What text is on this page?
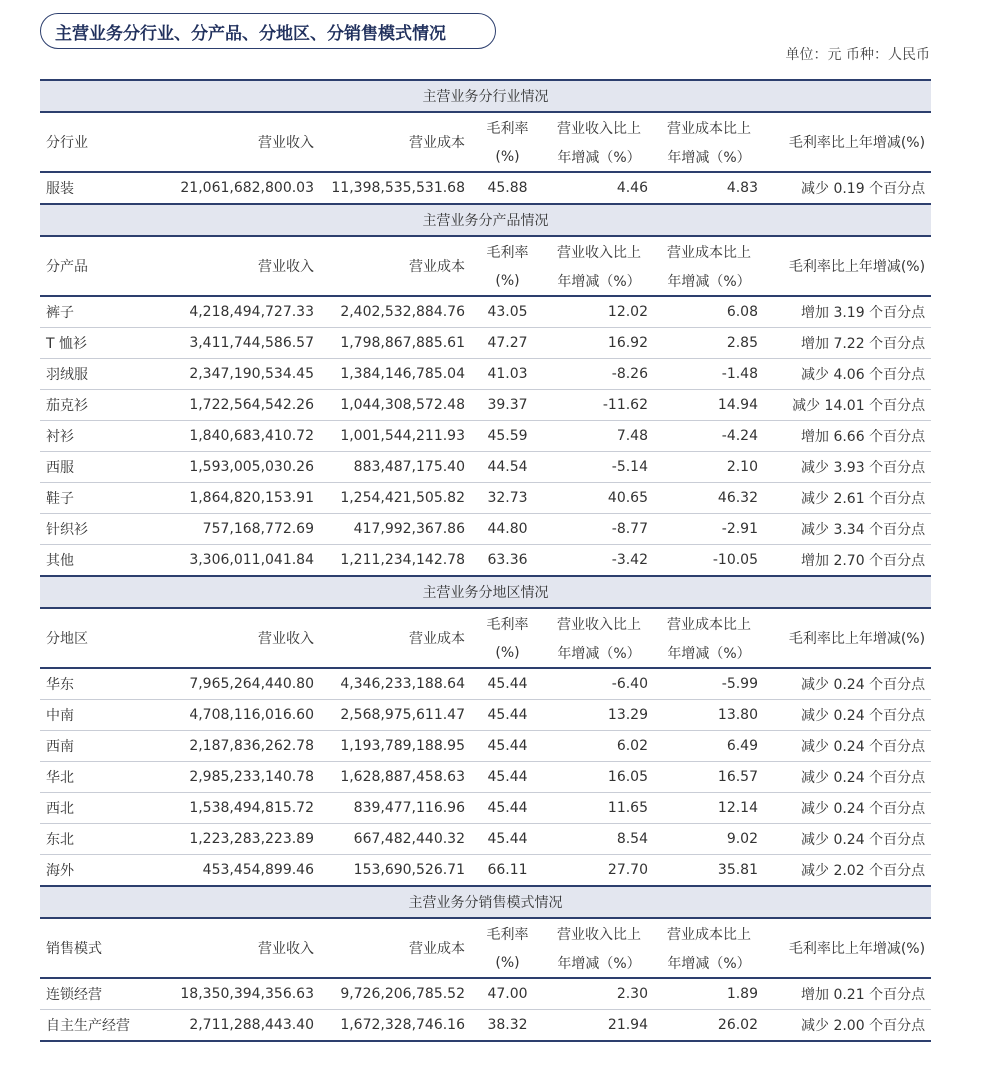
主营业务分行业、分产品、分地区、分销售模式情况
单位：元 币种：人民币
主营业务分行业情况						
分行业	营业收入	营业成本	毛利率	营业收入比上	营业成本比上	毛利率比上年增减(%)
			(%)	年增减（%）	年增减（%）	
服装	21,061,682,800.03	11,398,535,531.68	45.88	4.46	4.83	减少 0.19 个百分点
主营业务分产品情况						
分产品	营业收入	营业成本	毛利率	营业收入比上	营业成本比上	毛利率比上年增减(%)
			(%)	年增减（%）	年增减（%）	
裤子	4,218,494,727.33	2,402,532,884.76	43.05	12.02	6.08	增加 3.19 个百分点
T 恤衫	3,411,744,586.57	1,798,867,885.61	47.27	16.92	2.85	增加 7.22 个百分点
羽绒服	2,347,190,534.45	1,384,146,785.04	41.03	-8.26	-1.48	减少 4.06 个百分点
茄克衫	1,722,564,542.26	1,044,308,572.48	39.37	-11.62	14.94	减少 14.01 个百分点
衬衫	1,840,683,410.72	1,001,544,211.93	45.59	7.48	-4.24	增加 6.66 个百分点
西服	1,593,005,030.26	883,487,175.40	44.54	-5.14	2.10	减少 3.93 个百分点
鞋子	1,864,820,153.91	1,254,421,505.82	32.73	40.65	46.32	减少 2.61 个百分点
针织衫	757,168,772.69	417,992,367.86	44.80	-8.77	-2.91	减少 3.34 个百分点
其他	3,306,011,041.84	1,211,234,142.78	63.36	-3.42	-10.05	增加 2.70 个百分点
主营业务分地区情况						
分地区	营业收入	营业成本	毛利率	营业收入比上	营业成本比上	毛利率比上年增减(%)
			(%)	年增减（%）	年增减（%）	
华东	7,965,264,440.80	4,346,233,188.64	45.44	-6.40	-5.99	减少 0.24 个百分点
中南	4,708,116,016.60	2,568,975,611.47	45.44	13.29	13.80	减少 0.24 个百分点
西南	2,187,836,262.78	1,193,789,188.95	45.44	6.02	6.49	减少 0.24 个百分点
华北	2,985,233,140.78	1,628,887,458.63	45.44	16.05	16.57	减少 0.24 个百分点
西北	1,538,494,815.72	839,477,116.96	45.44	11.65	12.14	减少 0.24 个百分点
东北	1,223,283,223.89	667,482,440.32	45.44	8.54	9.02	减少 0.24 个百分点
海外	453,454,899.46	153,690,526.71	66.11	27.70	35.81	减少 2.02 个百分点
主营业务分销售模式情况						
销售模式	营业收入	营业成本	毛利率	营业收入比上	营业成本比上	毛利率比上年增减(%)
			(%)	年增减（%）	年增减（%）	
连锁经营	18,350,394,356.63	9,726,206,785.52	47.00	2.30	1.89	增加 0.21 个百分点
自主生产经营	2,711,288,443.40	1,672,328,746.16	38.32	21.94	26.02	减少 2.00 个百分点
